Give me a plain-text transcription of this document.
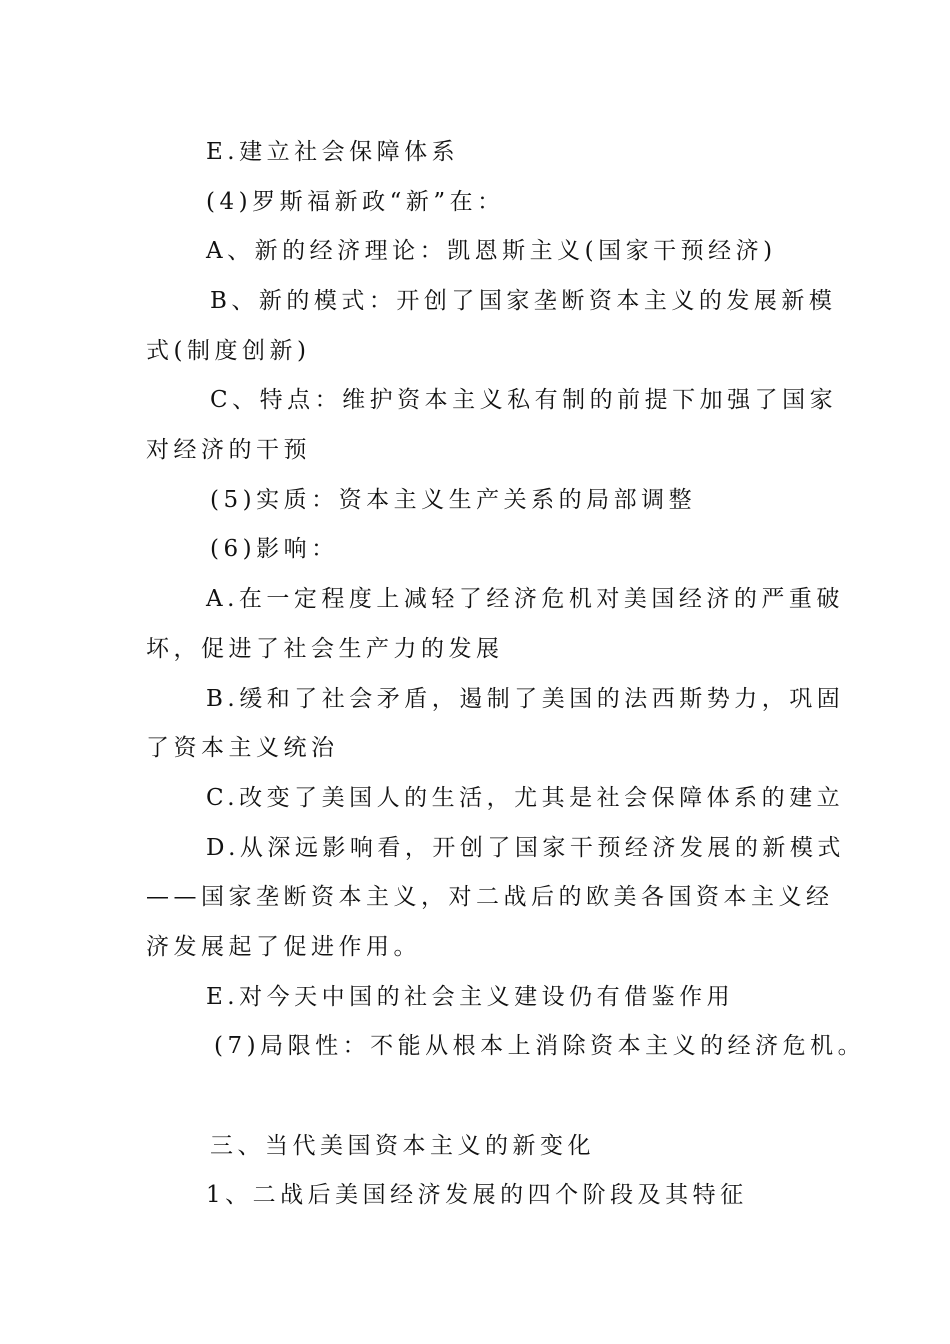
E.建立社会保障体系
(4)罗斯福新政“新”在：
A、新的经济理论：凯恩斯主义(国家干预经济)
B、新的模式：开创了国家垄断资本主义的发展新模
式(制度创新)
C、特点：维护资本主义私有制的前提下加强了国家
对经济的干预
(5)实质：资本主义生产关系的局部调整
(6)影响：
A.在一定程度上减轻了经济危机对美国经济的严重破
坏，促进了社会生产力的发展
B.缓和了社会矛盾，遏制了美国的法西斯势力，巩固
了资本主义统治
C.改变了美国人的生活，尤其是社会保障体系的建立
D.从深远影响看，开创了国家干预经济发展的新模式
——国家垄断资本主义，对二战后的欧美各国资本主义经
济发展起了促进作用。
E.对今天中国的社会主义建设仍有借鉴作用
(7)局限性：不能从根本上消除资本主义的经济危机。
三、当代美国资本主义的新变化
1、二战后美国经济发展的四个阶段及其特征
